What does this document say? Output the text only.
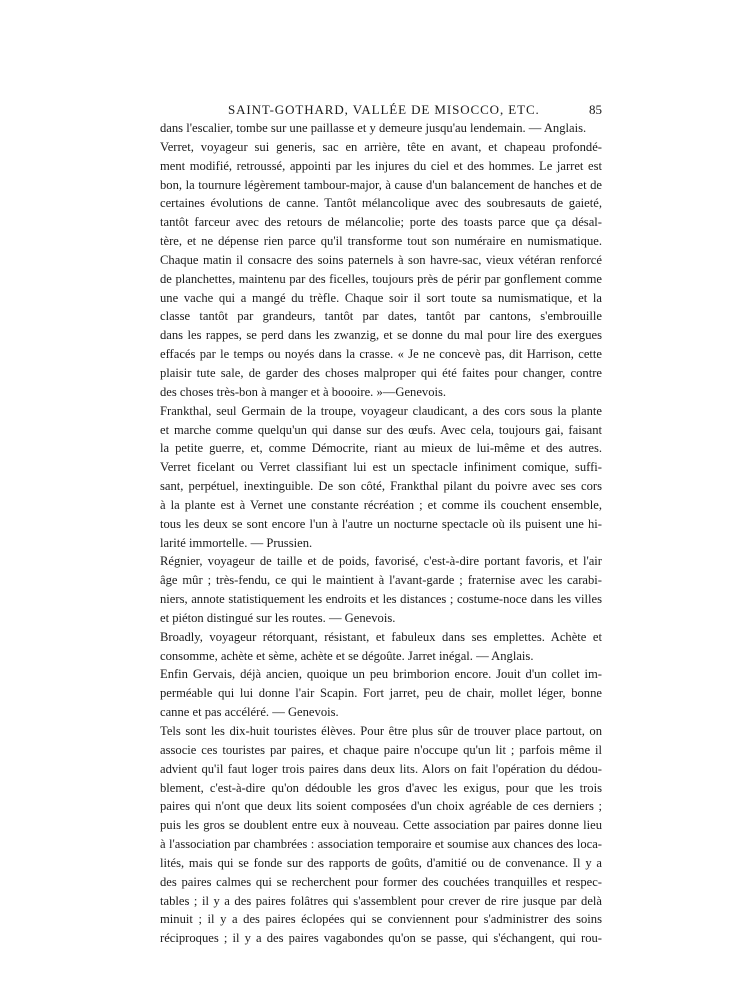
SAINT-GOTHARD, VALLÉE DE MISOCCO, ETC.	85
dans l'escalier, tombe sur une paillasse et y demeure jusqu'au lendemain. — Anglais.
Verret, voyageur sui generis, sac en arrière, tête en avant, et chapeau profondé-
ment modifié, retroussé, appointi par les injures du ciel et des hommes. Le jarret est
bon, la tournure légèrement tambour-major, à cause d'un balancement de hanches et de
certaines évolutions de canne. Tantôt mélancolique avec des soubresauts de gaieté,
tantôt farceur avec des retours de mélancolie; porte des toasts parce que ça désal-
tère, et ne dépense rien parce qu'il transforme tout son numéraire en numismatique.
Chaque matin il consacre des soins paternels à son havre-sac, vieux vétéran renforcé
de planchettes, maintenu par des ficelles, toujours près de périr par gonflement comme
une vache qui a mangé du trèfle. Chaque soir il sort toute sa numismatique, et la
classe tantôt par grandeurs, tantôt par dates, tantôt par cantons, s'embrouille
dans les rappes, se perd dans les zwanzig, et se donne du mal pour lire des exergues
effacés par le temps ou noyés dans la crasse. « Je ne concevè pas, dit Harrison, cette
plaisir tute sale, de garder des choses malproper qui été faites pour changer, contre
des choses très-bon à manger et à boooire. »—Genevois.
Frankthal, seul Germain de la troupe, voyageur claudicant, a des cors sous la plante
et marche comme quelqu'un qui danse sur des œufs. Avec cela, toujours gai, faisant
la petite guerre, et, comme Démocrite, riant au mieux de lui-même et des autres.
Verret ficelant ou Verret classifiant lui est un spectacle infiniment comique, suffi-
sant, perpétuel, inextinguible. De son côté, Frankthal pilant du poivre avec ses cors
à la plante est à Vernet une constante récréation ; et comme ils couchent ensemble,
tous les deux se sont encore l'un à l'autre un nocturne spectacle où ils puisent une hi-
larité immortelle. — Prussien.
Régnier, voyageur de taille et de poids, favorisé, c'est-à-dire portant favoris, et l'air
âge mûr ; très-fendu, ce qui le maintient à l'avant-garde ; fraternise avec les carabi-
niers, annote statistiquement les endroits et les distances ; costume-noce dans les villes
et piéton distingué sur les routes. — Genevois.
Broadly, voyageur rétorquant, résistant, et fabuleux dans ses emplettes. Achète et
consomme, achète et sème, achète et se dégoûte. Jarret inégal. — Anglais.
Enfin Gervais, déjà ancien, quoique un peu brimborion encore. Jouit d'un collet im-
perméable qui lui donne l'air Scapin. Fort jarret, peu de chair, mollet léger, bonne
canne et pas accéléré. — Genevois.
Tels sont les dix-huit touristes élèves. Pour être plus sûr de trouver place partout, on
associe ces touristes par paires, et chaque paire n'occupe qu'un lit ; parfois même il
advient qu'il faut loger trois paires dans deux lits. Alors on fait l'opération du dédou-
blement, c'est-à-dire qu'on dédouble les gros d'avec les exigus, pour que les trois
paires qui n'ont que deux lits soient composées d'un choix agréable de ces derniers ;
puis les gros se doublent entre eux à nouveau. Cette association par paires donne lieu
à l'association par chambrées : association temporaire et soumise aux chances des loca-
lités, mais qui se fonde sur des rapports de goûts, d'amitié ou de convenance. Il y a
des paires calmes qui se recherchent pour former des couchées tranquilles et respec-
tables ; il y a des paires folâtres qui s'assemblent pour crever de rire jusque par delà
minuit ; il y a des paires éclopées qui se conviennent pour s'administrer des soins
réciproques ; il y a des paires vagabondes qu'on se passe, qui s'échangent, qui rou-
